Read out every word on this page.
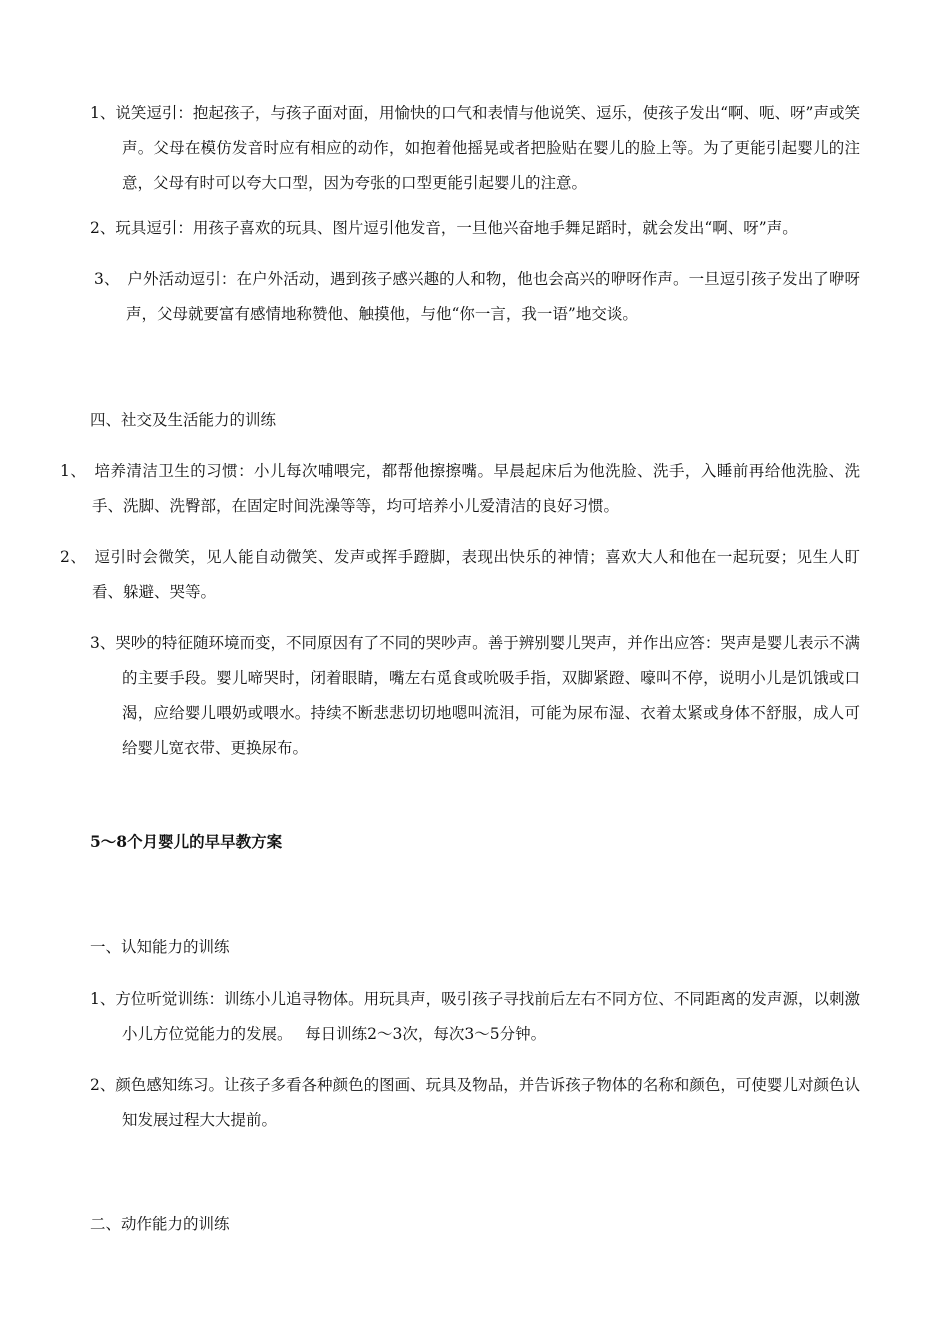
1、说笑逗引：抱起孩子，与孩子面对面，用愉快的口气和表情与他说笑、逗乐，使孩子发出“啊、呃、呀”声或笑声。父母在模仿发音时应有相应的动作，如抱着他摇晃或者把脸贴在婴儿的脸上等。为了更能引起婴儿的注意，父母有时可以夸大口型，因为夸张的口型更能引起婴儿的注意。

2、玩具逗引：用孩子喜欢的玩具、图片逗引他发音，一旦他兴奋地手舞足蹈时，就会发出“啊、呀”声。

3、　户外活动逗引：在户外活动，遇到孩子感兴趣的人和物，他也会高兴的咿呀作声。一旦逗引孩子发出了咿呀声，父母就要富有感情地称赞他、触摸他，与他“你一言，我一语”地交谈。

四、社交及生活能力的训练

1、　培养清洁卫生的习惯：小儿每次哺喂完，都帮他擦擦嘴。早晨起床后为他洗脸、洗手，入睡前再给他洗脸、洗手、洗脚、洗臀部，在固定时间洗澡等等，均可培养小儿爱清洁的良好习惯。

2、　逗引时会微笑，见人能自动微笑、发声或挥手蹬脚，表现出快乐的神情；喜欢大人和他在一起玩耍；见生人盯看、躲避、哭等。

3、哭吵的特征随环境而变，不同原因有了不同的哭吵声。善于辨别婴儿哭声，并作出应答：哭声是婴儿表示不满的主要手段。婴儿啼哭时，闭着眼睛，嘴左右觅食或吮吸手指，双脚紧蹬、嚎叫不停，说明小儿是饥饿或口渴，应给婴儿喂奶或喂水。持续不断悲悲切切地嗯叫流泪，可能为尿布湿、衣着太紧或身体不舒服，成人可给婴儿宽衣带、更换尿布。

5～8个月婴儿的早早教方案

一、认知能力的训练

1、方位听觉训练：训练小儿追寻物体。用玩具声，吸引孩子寻找前后左右不同方位、不同距离的发声源，以刺激小儿方位觉能力的发展。　 每日训练2～3次，每次3～5分钟。

2、颜色感知练习。让孩子多看各种颜色的图画、玩具及物品，并告诉孩子物体的名称和颜色，可使婴儿对颜色认知发展过程大大提前。

二、动作能力的训练
